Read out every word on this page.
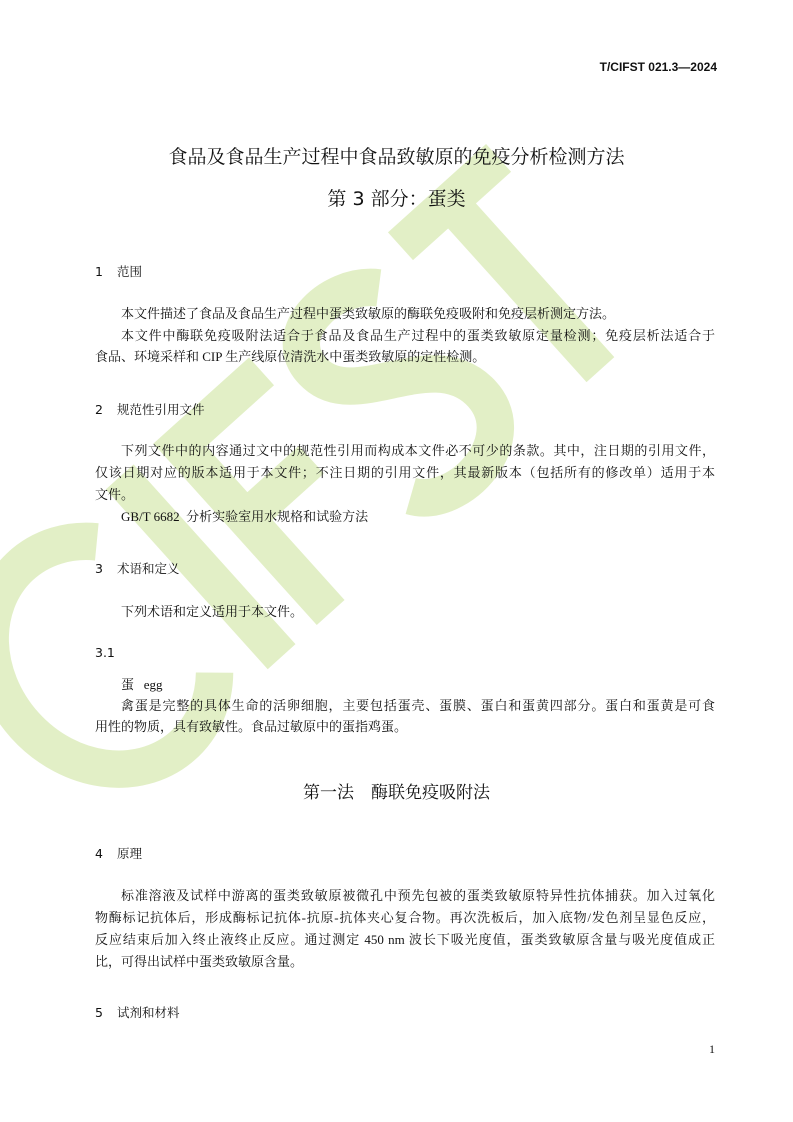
T/CIFST 021.3—2024
食品及食品生产过程中食品致敏原的免疫分析检测方法
第 3 部分：蛋类
1 范围
本文件描述了食品及食品生产过程中蛋类致敏原的酶联免疫吸附和免疫层析测定方法。
本文件中酶联免疫吸附法适合于食品及食品生产过程中的蛋类致敏原定量检测；免疫层析法适合于
食品、环境采样和 CIP 生产线原位清洗水中蛋类致敏原的定性检测。
2 规范性引用文件
下列文件中的内容通过文中的规范性引用而构成本文件必不可少的条款。其中，注日期的引用文件，
仅该日期对应的版本适用于本文件；不注日期的引用文件，其最新版本（包括所有的修改单）适用于本
文件。
GB/T 6682  分析实验室用水规格和试验方法
3 术语和定义
下列术语和定义适用于本文件。
3.1
蛋 egg
禽蛋是完整的具体生命的活卵细胞，主要包括蛋壳、蛋膜、蛋白和蛋黄四部分。蛋白和蛋黄是可食
用性的物质，具有致敏性。食品过敏原中的蛋指鸡蛋。
第一法　酶联免疫吸附法
4 原理
标准溶液及试样中游离的蛋类致敏原被微孔中预先包被的蛋类致敏原特异性抗体捕获。加入过氧化
物酶标记抗体后，形成酶标记抗体-抗原-抗体夹心复合物。再次洗板后，加入底物/发色剂呈显色反应，
反应结束后加入终止液终止反应。通过测定 450 nm 波长下吸光度值，蛋类致敏原含量与吸光度值成正
比，可得出试样中蛋类致敏原含量。
5 试剂和材料
1
